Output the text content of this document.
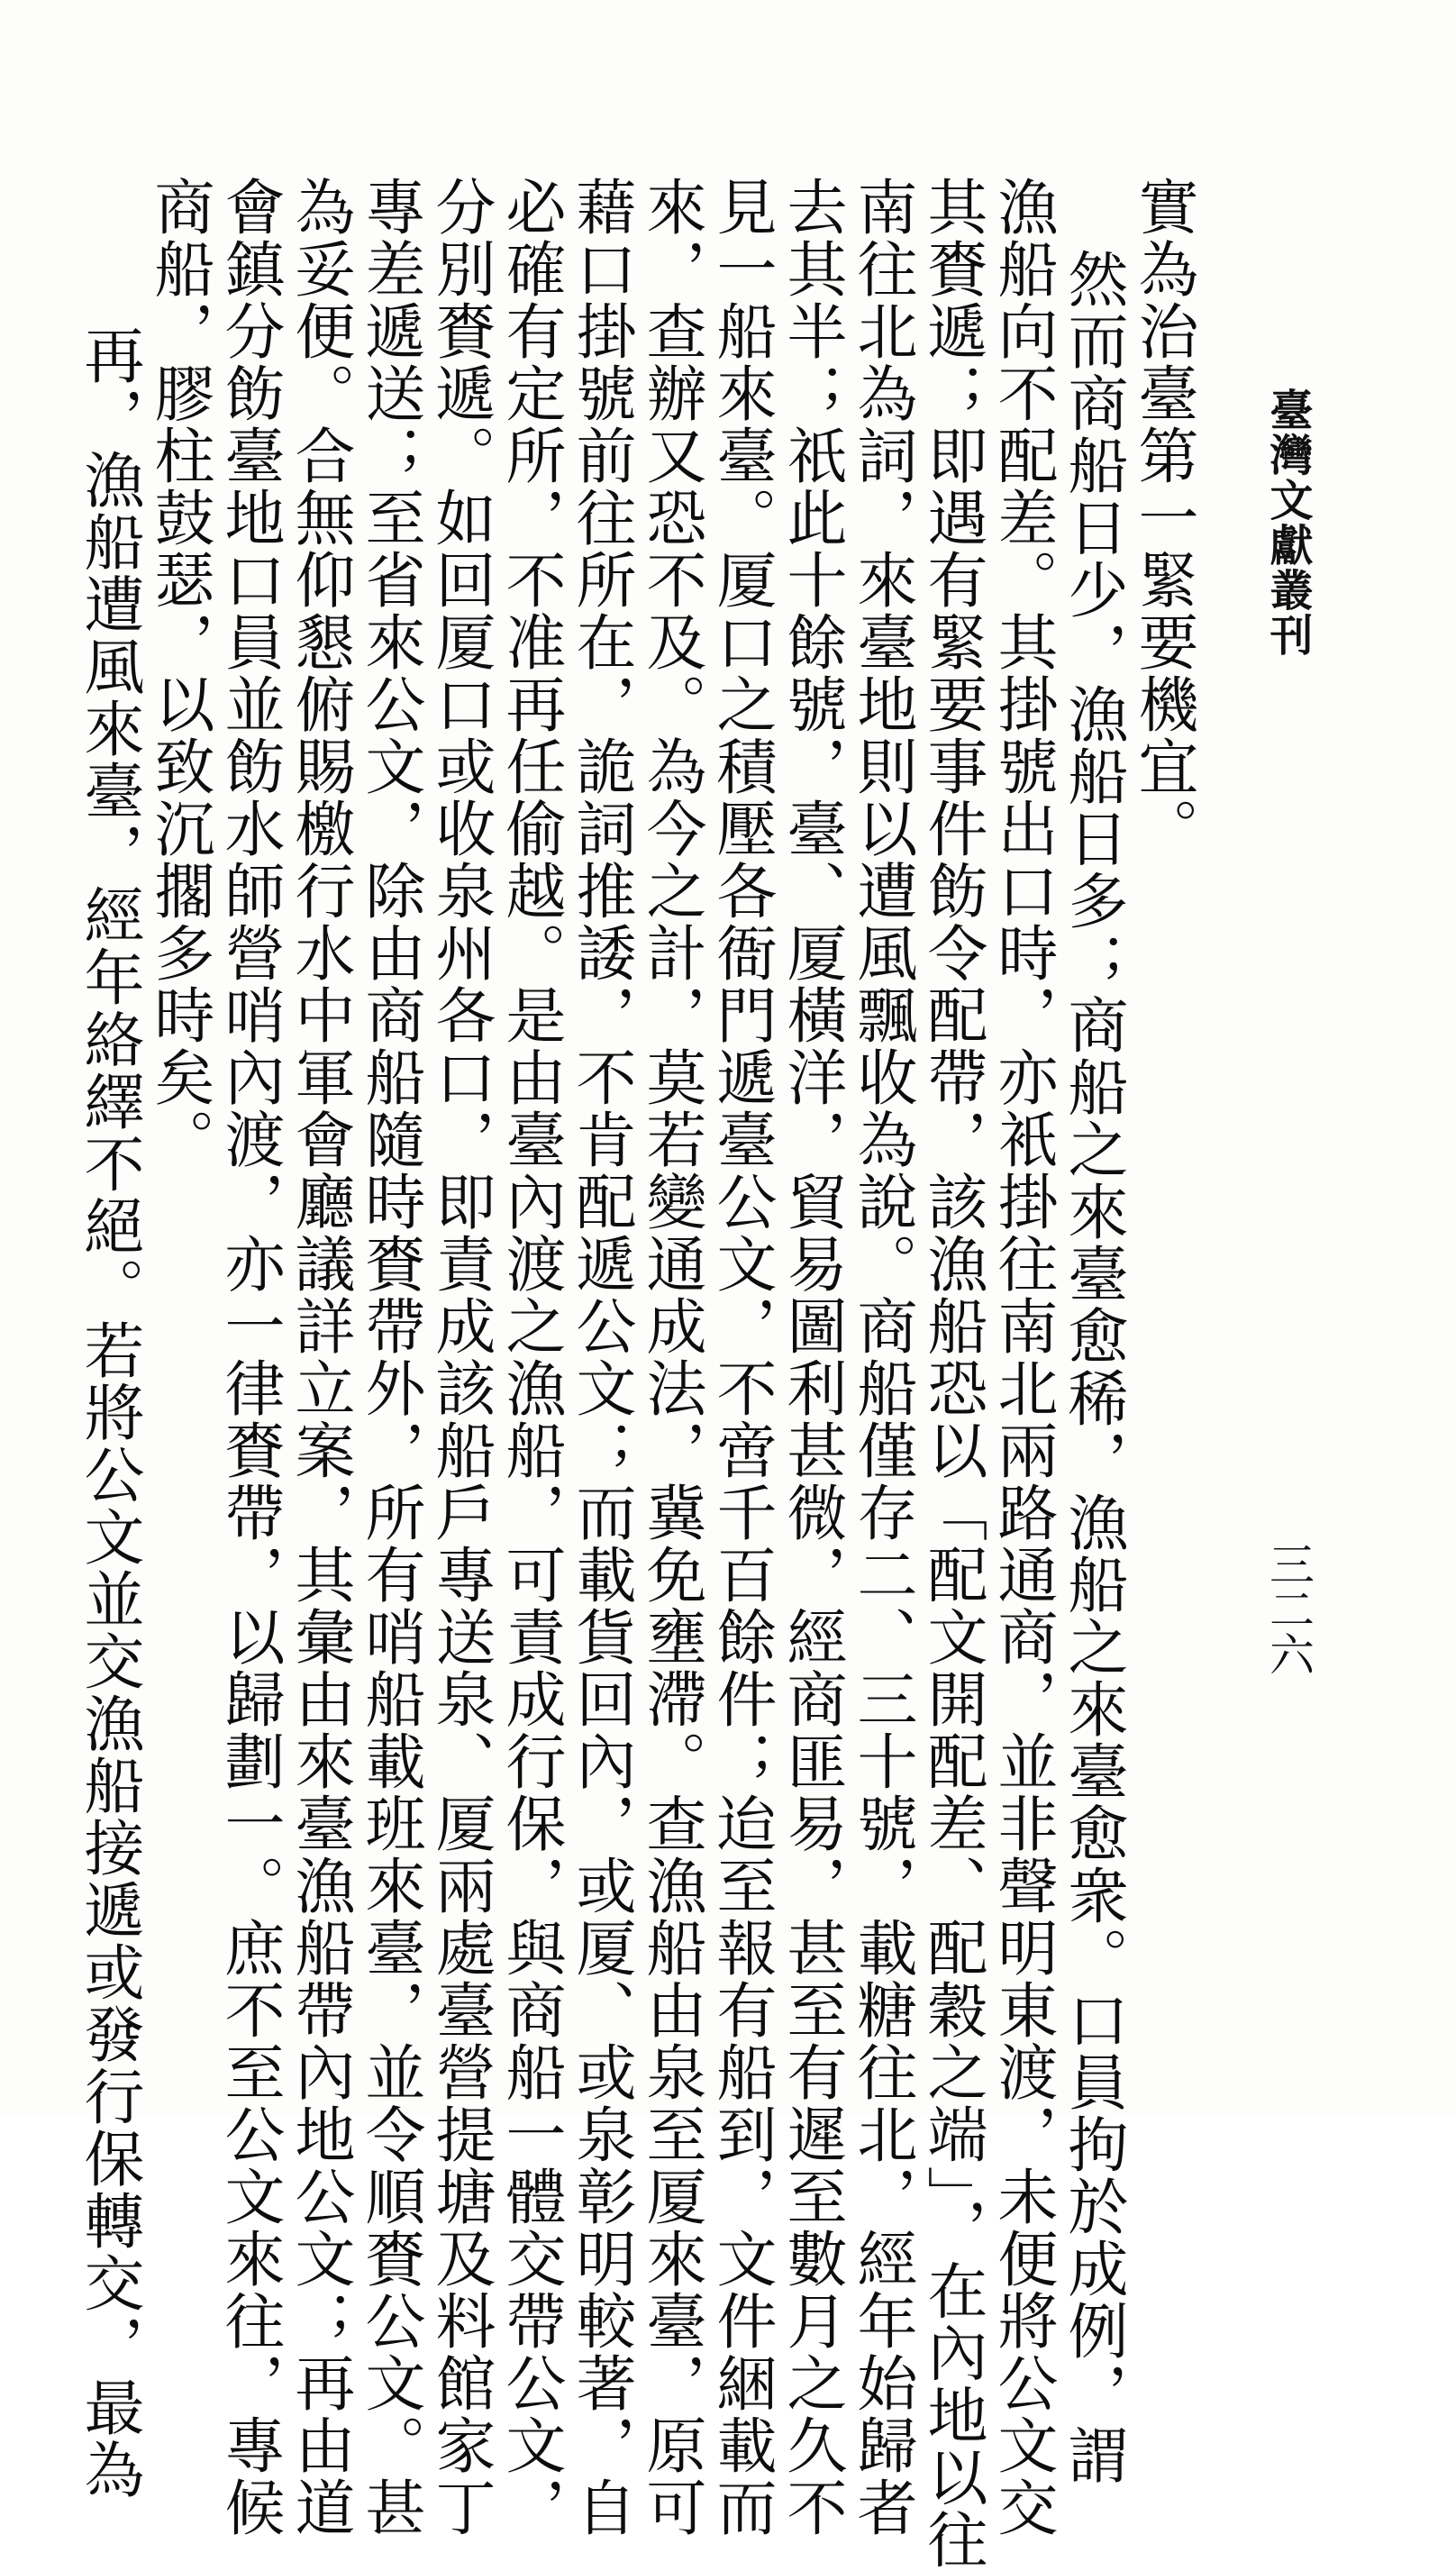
臺灣文獻叢刊
三二六
實為治臺第一緊要機宜。
然而商船日少，漁船日多；商船之來臺愈稀，漁船之來臺愈衆。口員拘於成例，謂
漁船向不配差。其掛號出口時，亦衹掛往南北兩路通商，並非聲明東渡，未便將公文交
其賚遞；即遇有緊要事件飭令配帶，該漁船恐以「配文開配差、配穀之端」，在內地以往
南往北為詞，來臺地則以遭風飄收為說。商船僅存二、三十號，載糖往北，經年始歸者
去其半；祇此十餘號，臺、厦橫洋，貿易圖利甚微，經商匪易，甚至有遲至數月之久不
見一船來臺。厦口之積壓各衙門遞臺公文，不啻千百餘件；迨至報有船到，文件綑載而
來，查辦又恐不及。為今之計，莫若變通成法，冀免壅滯。查漁船由泉至厦來臺，原可
藉口掛號前往所在，詭詞推諉，不肯配遞公文；而載貨回內，或厦、或泉彰明較著，自
必確有定所，不准再任偷越。是由臺內渡之漁船，可責成行保，與商船一體交帶公文，
分別賚遞。如回厦口或收泉州各口，即責成該船戶專送泉、厦兩處臺營提塘及料館家丁
專差遞送；至省來公文，除由商船隨時賚帶外，所有哨船載班來臺，並令順賚公文。甚
為妥便。合無仰懇俯賜檄行水中軍會廳議詳立案，其彙由來臺漁船帶內地公文；再由道
會鎮分飭臺地口員並飭水師營哨內渡，亦一律賚帶，以歸劃一。庶不至公文來往，專候
商船，膠柱鼓瑟，以致沉擱多時矣。
再，漁船遭風來臺，經年絡繹不絕。若將公文並交漁船接遞或發行保轉交，最為
